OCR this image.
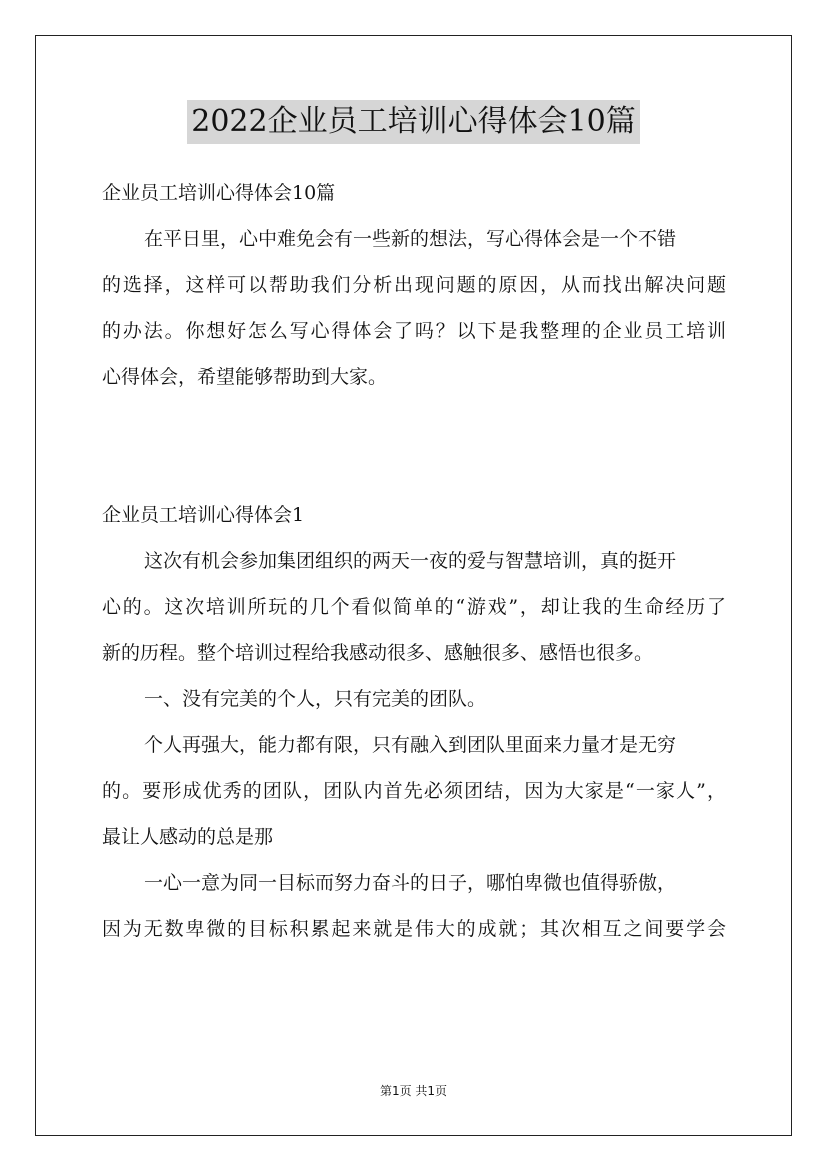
2022企业员工培训心得体会10篇
企业员工培训心得体会10篇
在平日里，心中难免会有一些新的想法，写心得体会是一个不错
的选择，这样可以帮助我们分析出现问题的原因，从而找出解决问题
的办法。你想好怎么写心得体会了吗？以下是我整理的企业员工培训
心得体会，希望能够帮助到大家。
企业员工培训心得体会1
这次有机会参加集团组织的两天一夜的爱与智慧培训，真的挺开
心的。这次培训所玩的几个看似简单的“游戏”，却让我的生命经历了
新的历程。整个培训过程给我感动很多、感触很多、感悟也很多。
一、没有完美的个人，只有完美的团队。
个人再强大，能力都有限，只有融入到团队里面来力量才是无穷
的。要形成优秀的团队，团队内首先必须团结，因为大家是“一家人”，
最让人感动的总是那
一心一意为同一目标而努力奋斗的日子，哪怕卑微也值得骄傲，
因为无数卑微的目标积累起来就是伟大的成就；其次相互之间要学会
第1页 共1页
